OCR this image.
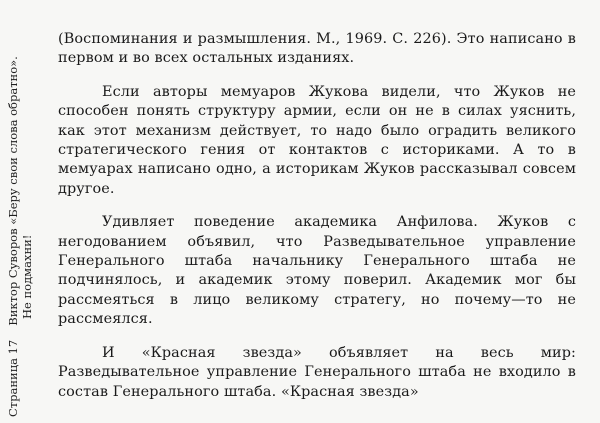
Страница 17Виктор Суворов «Беру свои слова обратно». Не подмахни!

(Воспоминания и размышления. М., 1969. С. 226). Это написано в первом и во всех остальных изданиях.

Если авторы мемуаров Жукова видели, что Жуков не способен понять структуру армии, если он не в силах уяснить, как этот механизм действует, то надо было оградить великого стратегического гения от контактов с историками. А то в мемуарах написано одно, а историкам Жуков рассказывал совсем другое.

Удивляет поведение академика Анфилова. Жуков с негодованием объявил, что Разведывательное управление Генерального штаба начальнику Генерального штаба не подчинялось, и академик этому поверил. Академик мог бы рассмеяться в лицо великому стратегу, но почему—то не рассмеялся.

И «Красная звезда» объявляет на весь мир: Разведывательное управление Генерального штаба не входило в состав Генерального штаба. «Красная звезда»
